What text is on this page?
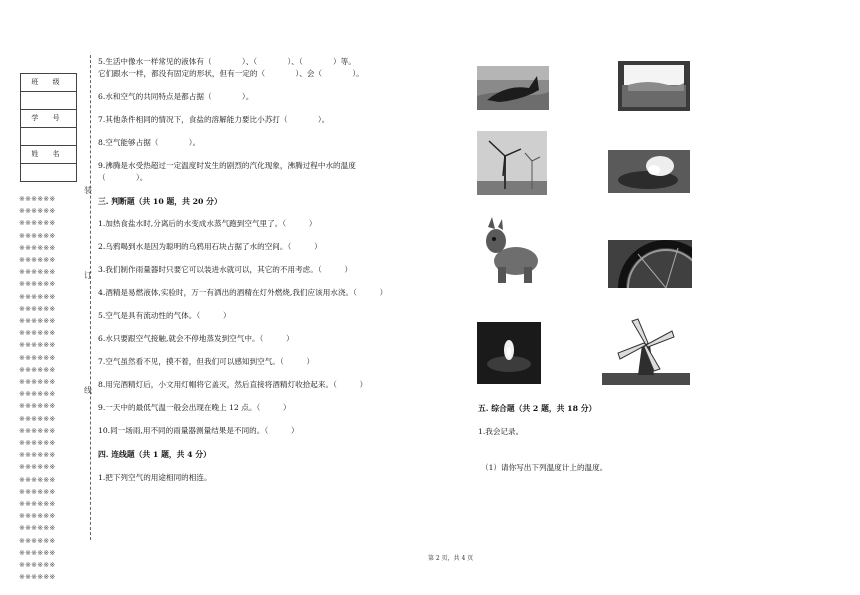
班 级
学 号
姓 名
※※※※※※
※※※※※※
※※※※※※
※※※※※※
※※※※※※
※※※※※※
※※※※※※
※※※※※※
※※※※※※
※※※※※※
※※※※※※
※※※※※※
※※※※※※
※※※※※※
※※※※※※
※※※※※※
※※※※※※
※※※※※※
※※※※※※
※※※※※※
※※※※※※
※※※※※※
※※※※※※
※※※※※※
※※※※※※
※※※※※※
※※※※※※
※※※※※※
※※※※※※
※※※※※※
※※※※※※
※※※※※※
装
订
线
5.生活中像水一样常见的液体有（　　　　）、（　　　　）、（　　　　）等。
它们跟水一样，都没有固定的形状，但有一定的（　　　　）、会（　　　　）。
6.水和空气的共同特点是都占据（　　　　）。
7.其他条件相同的情况下，食盐的溶解能力要比小苏打（　　　　）。
8.空气能够占据（　　　　）。
9.沸腾是水受热超过一定温度时发生的剧烈的汽化现象，沸腾过程中水的温度
（　　　　）。
三. 判断题（共 10 题，共 20 分）
1.加热食盐水时,分离后的水变成水蒸气跑到空气里了。（　　　）
2.乌鸦喝到水是因为聪明的乌鸦用石块占据了水的空间。（　　　）
3.我们制作雨量器时只要它可以装进水就可以，其它的不用考虑。（　　　）
4.酒精是易燃液体,实验时，万一有洒出的酒精在灯外燃烧,我们应该用水浇。（　　　）
5.空气是具有流动性的气体。（　　　）
6.水只要跟空气接触,就会不停地蒸发到空气中。（　　　）
7.空气虽然看不见，摸不着，但我们可以感知到空气。（　　　）
8.用完酒精灯后，小文用灯帽将它盖灭，然后直接将酒精灯收拾起来。（　　　）
9.一天中的最低气温一般会出现在晚上 12 点。（　　　）
10.同一场雨,用不同的雨量器测量结果是不同的。（　　　）
四. 连线题（共 1 题，共 4 分）
1.把下列空气的用途相同的相连。
五. 综合题（共 2 题，共 18 分）
1.我会记录。
（1）请你写出下列温度计上的温度。
第 2 页，共 4 页
